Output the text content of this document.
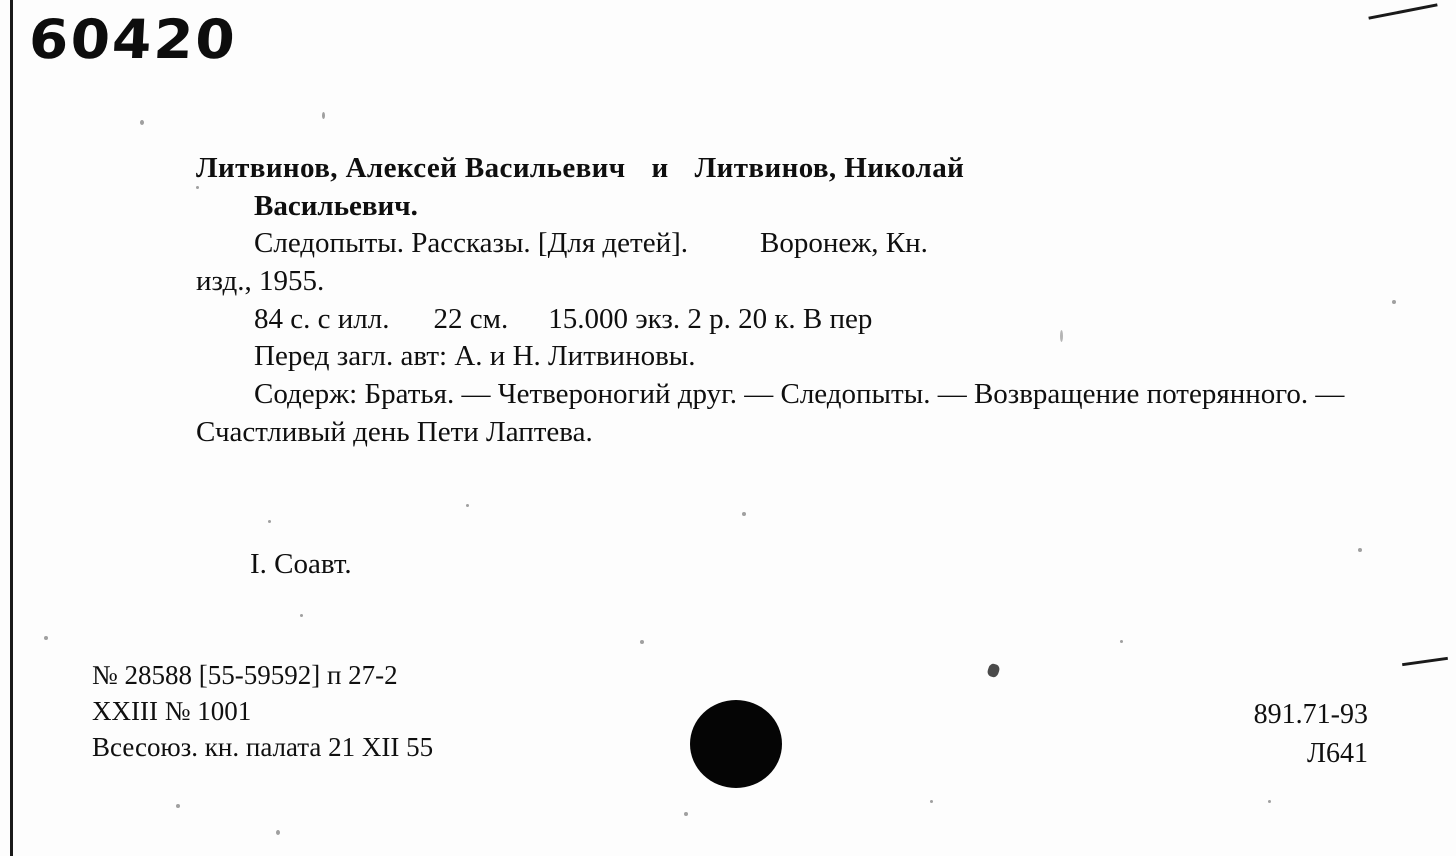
60420
Литвинов, Алексей Васильевич и Литвинов, Николай
Васильевич.
Следопыты. Рассказы. [Для детей]. Воронеж, Кн.
изд., 1955.
84 с. с илл. 22 см. 15.000 экз. 2 р. 20 к. В пер
Перед загл. авт: А. и Н. Литвиновы.
Содерж: Братья. — Четвероногий друг. — Следопыты. — Возвращение потерянного. — Счастливый день Пети Лаптева.
I. Соавт.
№ 28588 [55-59592] п 27-2
XXIII № 1001
Всесоюз. кн. палата 21 XII 55
891.71-93
Л641
